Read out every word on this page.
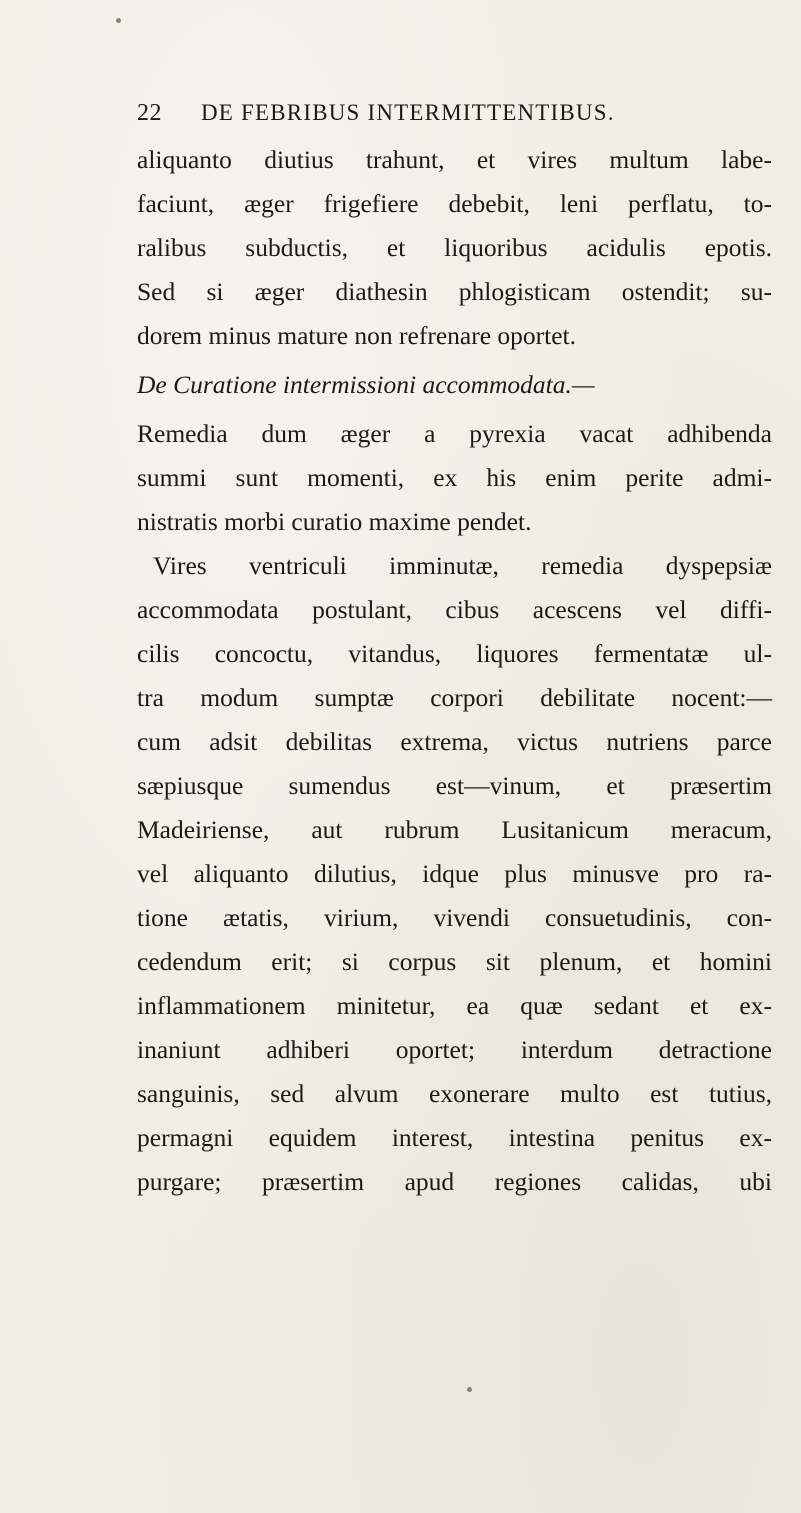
22 DE FEBRIBUS INTERMITTENTIBUS.
aliquanto diutius trahunt, et vires multum labe-
faciunt, æger frigefiere debebit, leni perflatu, to-
ralibus subductis, et liquoribus acidulis epotis.
Sed si æger diathesin phlogisticam ostendit; su-
dorem minus mature non refrenare oportet.
De Curatione intermissioni accommodata.—
Remedia dum æger a pyrexia vacat adhibenda
summi sunt momenti, ex his enim perite admi-
nistratis morbi curatio maxime pendet.
Vires ventriculi imminutæ, remedia dyspepsiæ
accommodata postulant, cibus acescens vel diffi-
cilis concoctu, vitandus, liquores fermentatæ ul-
tra modum sumptæ corpori debilitate nocent:—
cum adsit debilitas extrema, victus nutriens parce
sæpiusque sumendus est—vinum, et præsertim
Madeiriense, aut rubrum Lusitanicum meracum,
vel aliquanto dilutius, idque plus minusve pro ra-
tione ætatis, virium, vivendi consuetudinis, con-
cedendum erit; si corpus sit plenum, et homini
inflammationem minitetur, ea quæ sedant et ex-
inaniunt adhiberi oportet; interdum detractione
sanguinis, sed alvum exonerare multo est tutius,
permagni equidem interest, intestina penitus ex-
purgare; præsertim apud regiones calidas, ubi
